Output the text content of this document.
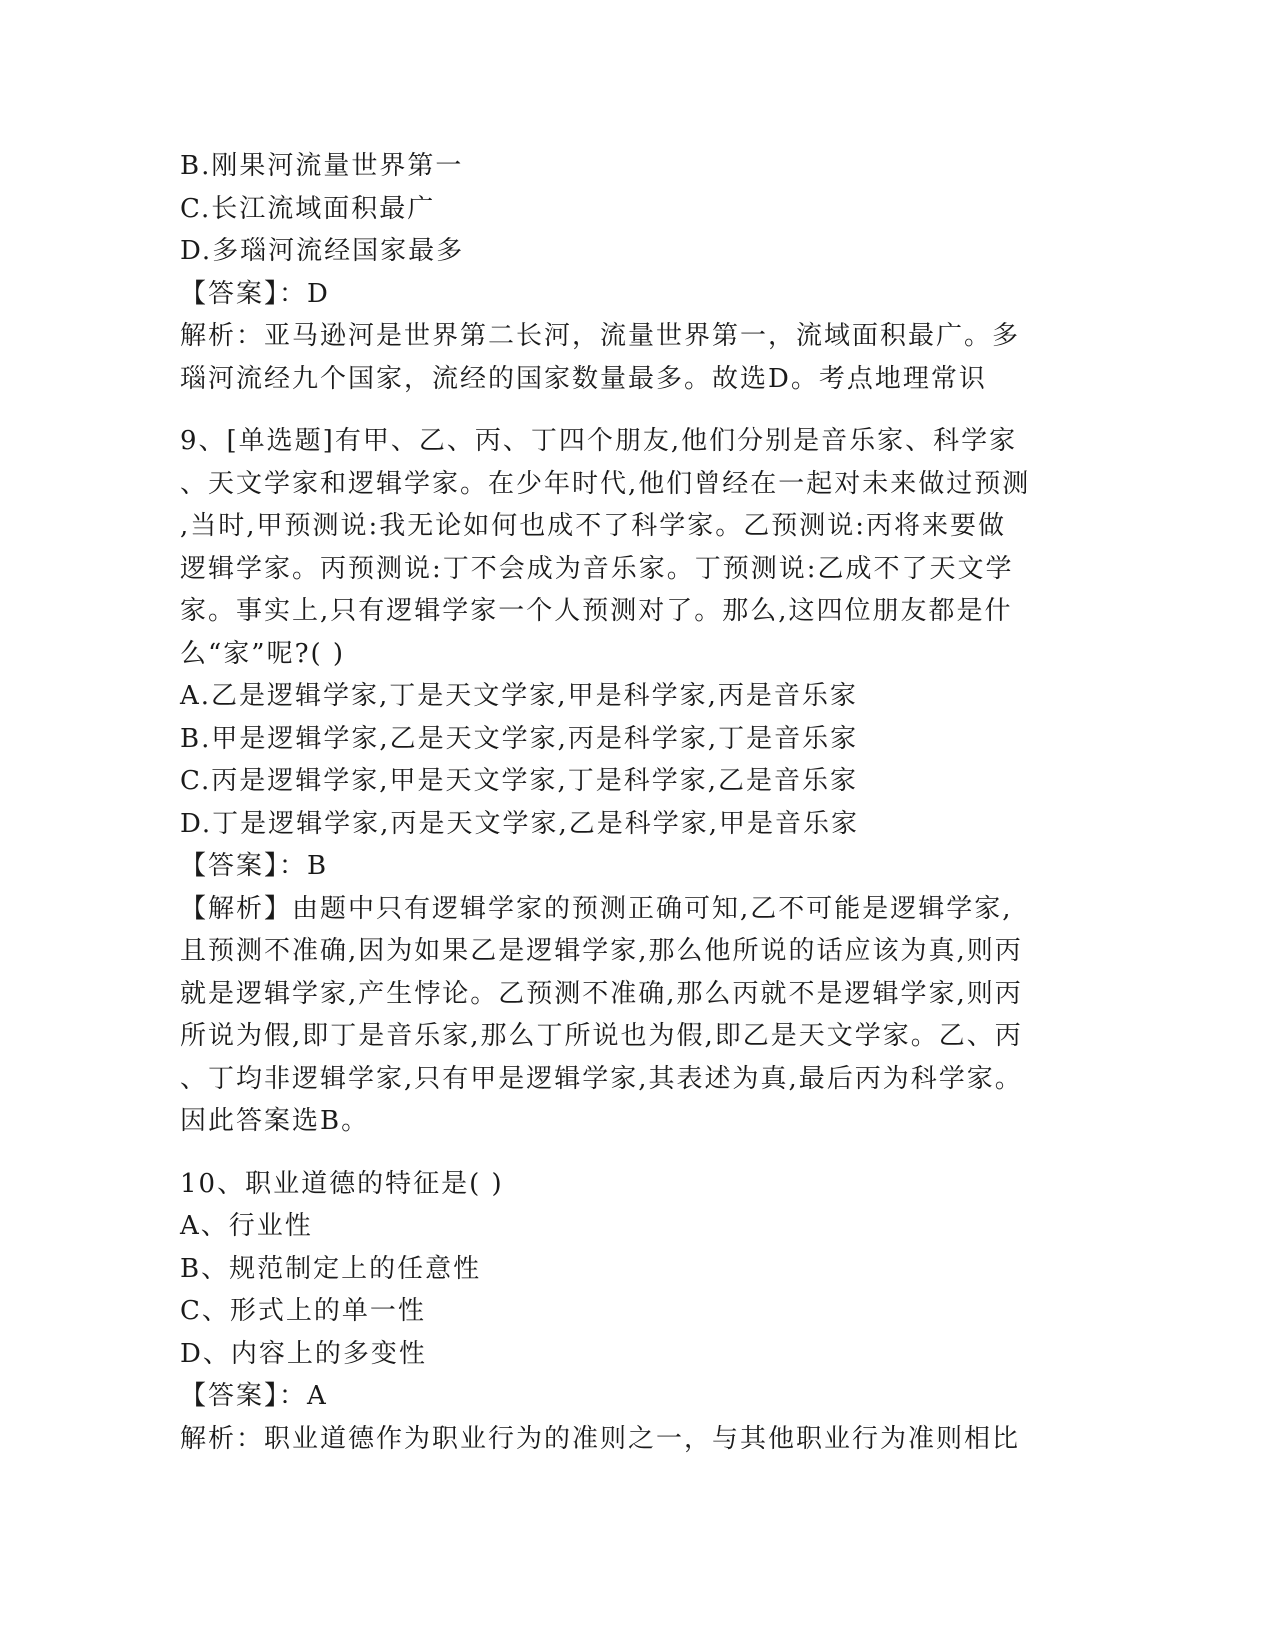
B.刚果河流量世界第一
C.长江流域面积最广
D.多瑙河流经国家最多
【答案】：D
解析：亚马逊河是世界第二长河，流量世界第一，流域面积最广。多
瑙河流经九个国家，流经的国家数量最多。故选D。考点地理常识
9、[单选题]有甲、乙、丙、丁四个朋友,他们分别是音乐家、科学家
、天文学家和逻辑学家。在少年时代,他们曾经在一起对未来做过预测
,当时,甲预测说:我无论如何也成不了科学家。乙预测说:丙将来要做
逻辑学家。丙预测说:丁不会成为音乐家。丁预测说:乙成不了天文学
家。事实上,只有逻辑学家一个人预测对了。那么,这四位朋友都是什
么“家”呢?( )
A.乙是逻辑学家,丁是天文学家,甲是科学家,丙是音乐家
B.甲是逻辑学家,乙是天文学家,丙是科学家,丁是音乐家
C.丙是逻辑学家,甲是天文学家,丁是科学家,乙是音乐家
D.丁是逻辑学家,丙是天文学家,乙是科学家,甲是音乐家
【答案】：B
【解析】由题中只有逻辑学家的预测正确可知,乙不可能是逻辑学家,
且预测不准确,因为如果乙是逻辑学家,那么他所说的话应该为真,则丙
就是逻辑学家,产生悖论。乙预测不准确,那么丙就不是逻辑学家,则丙
所说为假,即丁是音乐家,那么丁所说也为假,即乙是天文学家。乙、丙
、丁均非逻辑学家,只有甲是逻辑学家,其表述为真,最后丙为科学家。
因此答案选B。
10、职业道德的特征是( )
A、行业性
B、规范制定上的任意性
C、形式上的单一性
D、内容上的多变性
【答案】：A
解析：职业道德作为职业行为的准则之一，与其他职业行为准则相比
